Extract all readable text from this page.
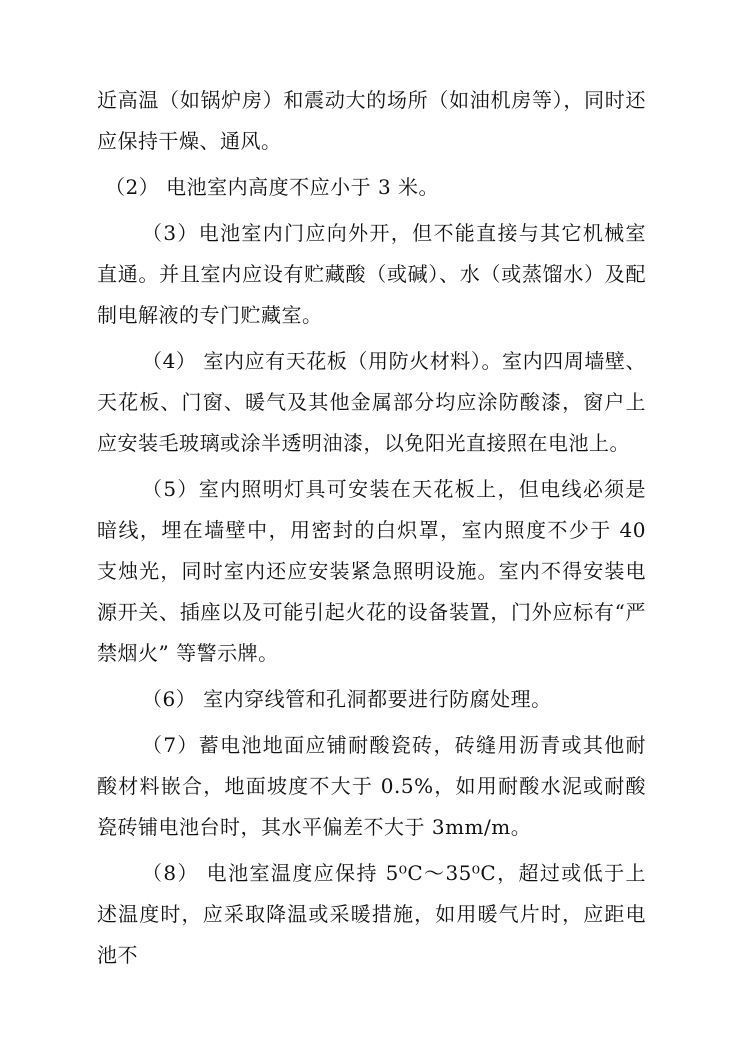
近高温（如锅炉房）和震动大的场所（如油机房等），同时还应保持干燥、通风。

（2） 电池室内高度不应小于 3 米。

（3）电池室内门应向外开，但不能直接与其它机械室直通。并且室内应设有贮藏酸（或碱）、水（或蒸馏水）及配制电解液的专门贮藏室。

（4） 室内应有天花板（用防火材料）。室内四周墙壁、天花板、门窗、暖气及其他金属部分均应涂防酸漆，窗户上应安装毛玻璃或涂半透明油漆，以免阳光直接照在电池上。

（5）室内照明灯具可安装在天花板上，但电线必须是暗线，埋在墙壁中，用密封的白炽罩，室内照度不少于 40 支烛光，同时室内还应安装紧急照明设施。室内不得安装电源开关、插座以及可能引起火花的设备装置，门外应标有“严禁烟火” 等警示牌。

（6） 室内穿线管和孔洞都要进行防腐处理。

（7）蓄电池地面应铺耐酸瓷砖，砖缝用沥青或其他耐酸材料嵌合，地面坡度不大于 0.5%，如用耐酸水泥或耐酸瓷砖铺电池台时，其水平偏差不大于 3mm/m。

（8） 电池室温度应保持 5⁰C～35⁰C，超过或低于上述温度时，应采取降温或采暖措施，如用暖气片时，应距电池不
